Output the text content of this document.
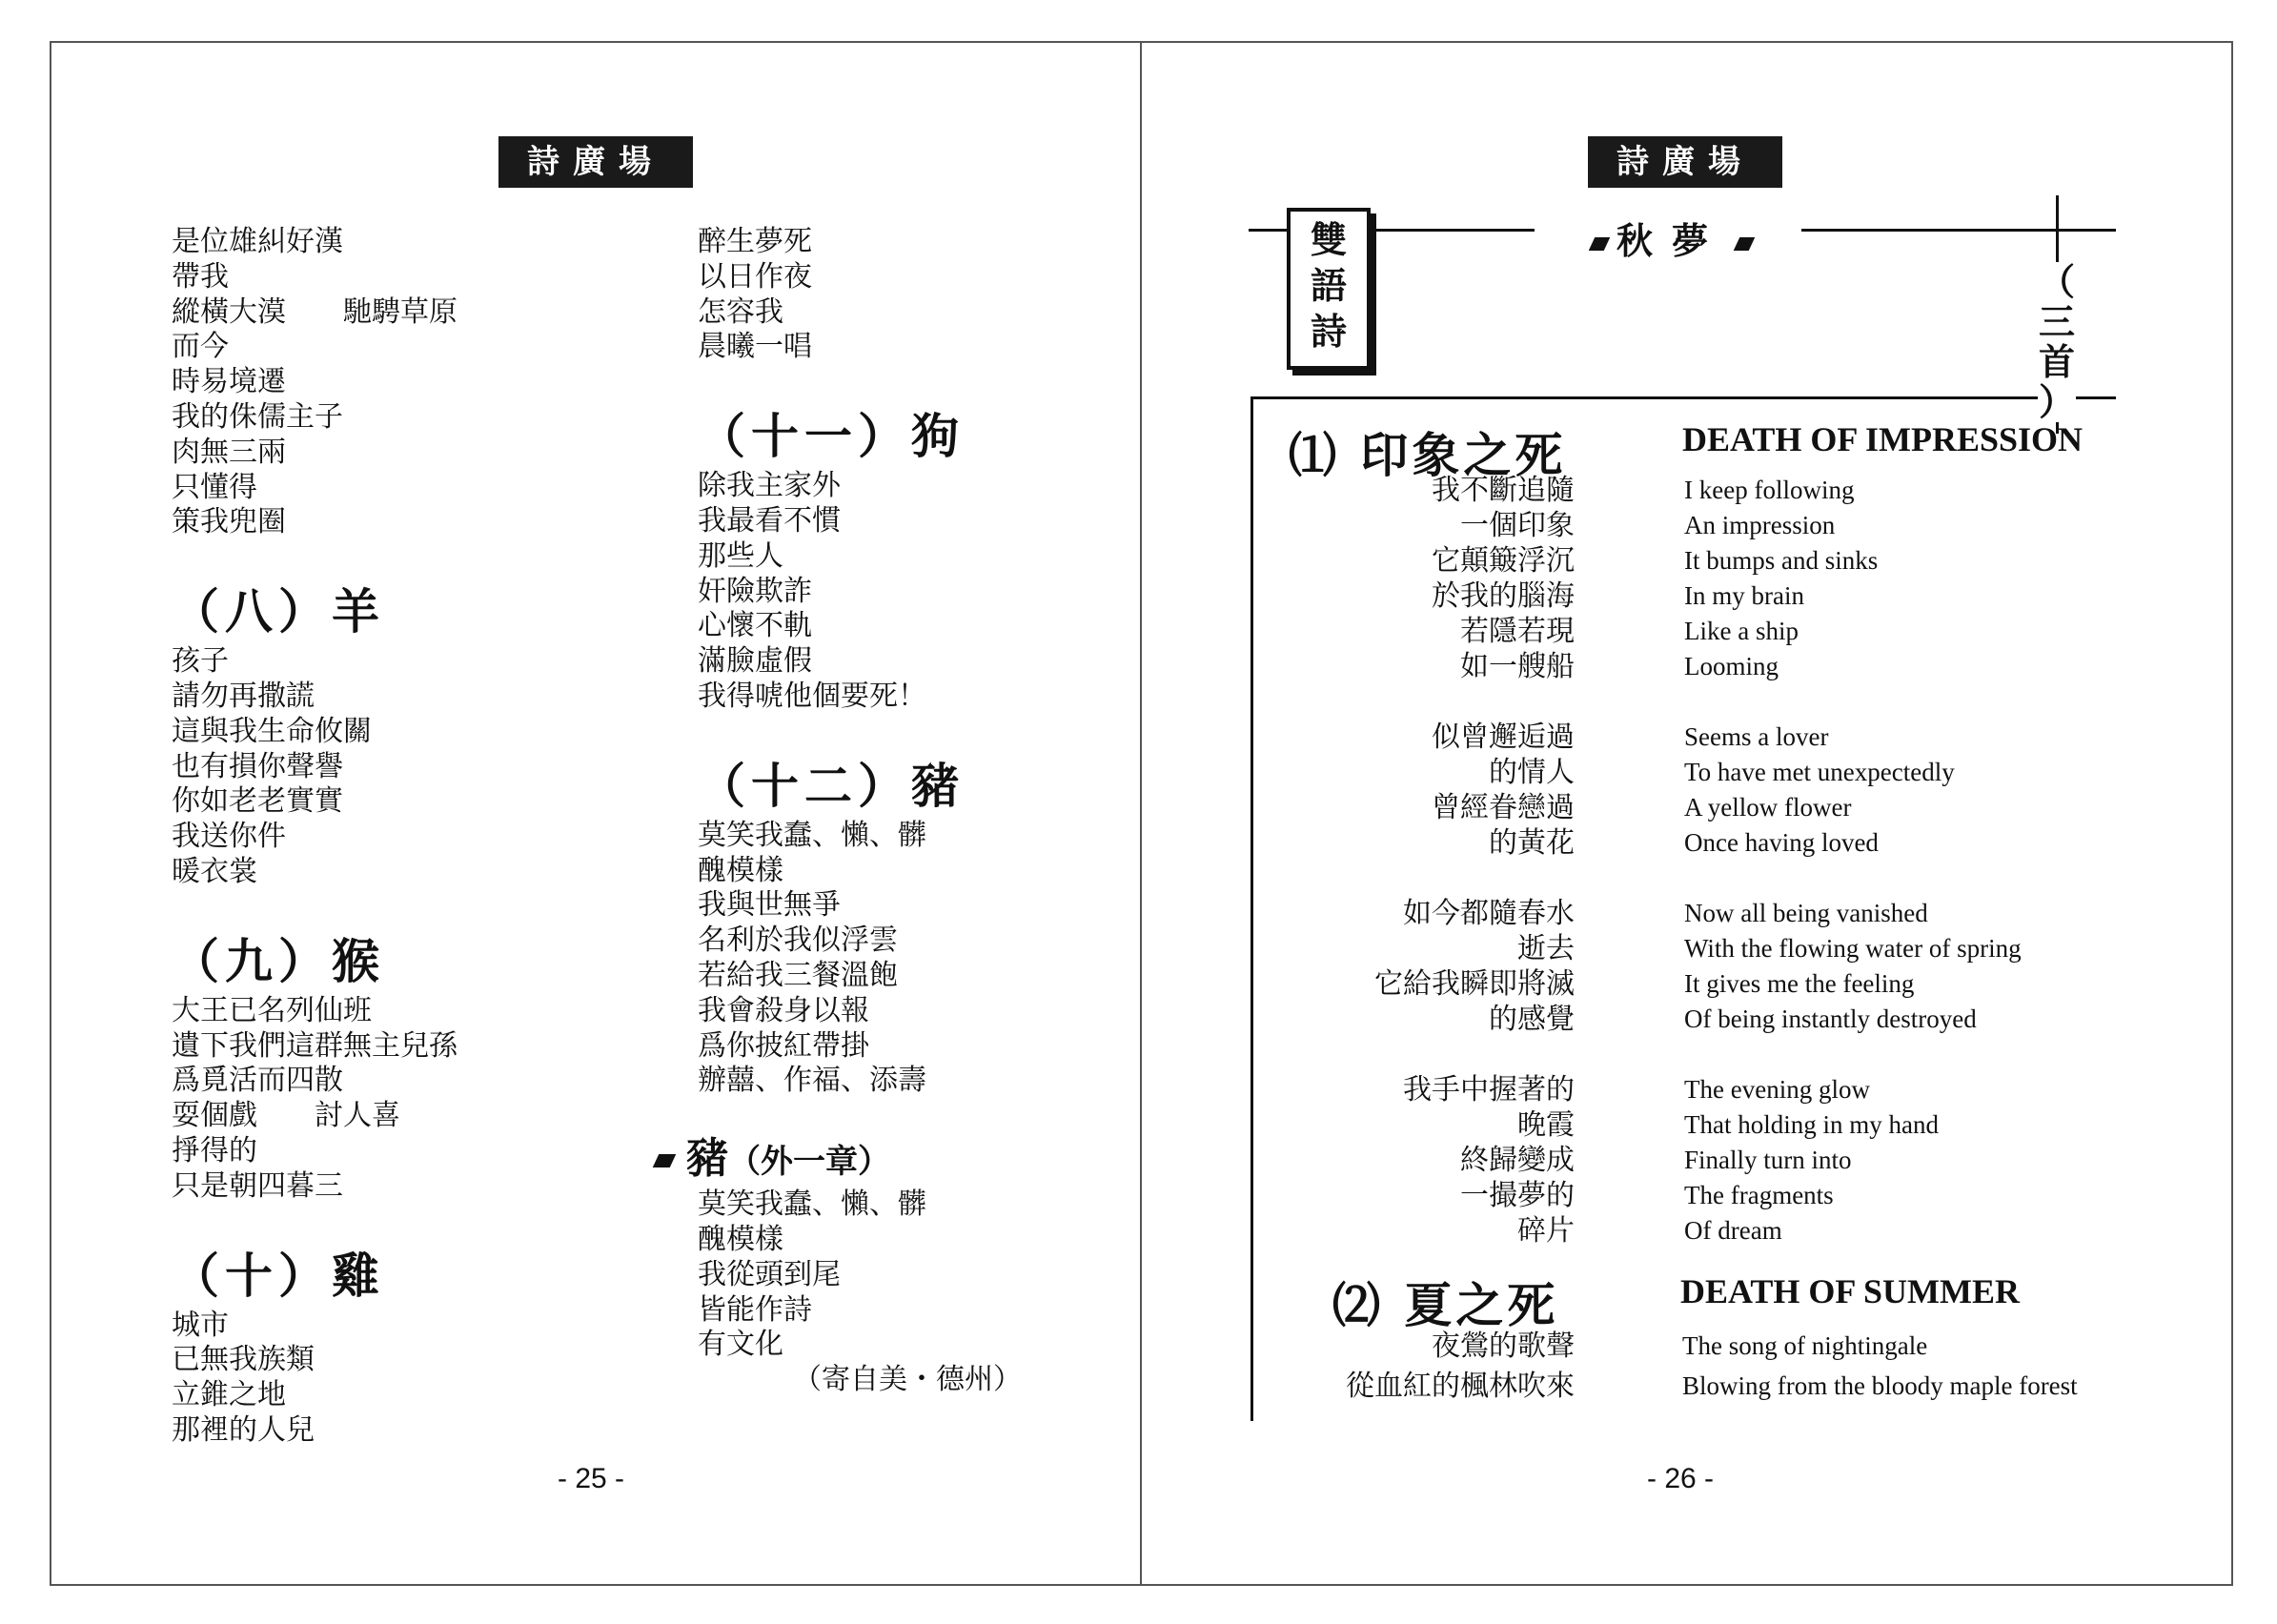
詩廣場
是位雄糾好漢
帶我
縱橫大漠　　馳騁草原
而今
時易境遷
我的侏儒主子
肉無三兩
只懂得
策我兜圈
（八）羊
孩子
請勿再撒謊
這與我生命攸關
也有損你聲譽
你如老老實實
我送你件
暖衣裳
（九）猴
大王已名列仙班
遺下我們這群無主兒孫
爲覓活而四散
耍個戲　　討人喜
掙得的
只是朝四暮三
（十）雞
城市
已無我族類
立錐之地
那裡的人兒
醉生夢死
以日作夜
怎容我
晨曦一唱
（十一）狗
除我主家外
我最看不慣
那些人
奸險欺詐
心懷不軌
滿臉虛假
我得唬他個要死！
（十二）豬
莫笑我蠢、懶、髒
醜模樣
我與世無爭
名利於我似浮雲
若給我三餐溫飽
我會殺身以報
爲你披紅帶掛
辦囍、作福、添壽
豬（外一章）
莫笑我蠢、懶、髒
醜模樣
我從頭到尾
皆能作詩
有文化
（寄自美・德州）
- 25 -
詩廣場
雙
語
詩
秋夢
（
三
首
）
⑴ 印象之死	DEATH OF IMPRESSION
我不斷追隨
一個印象
它顛簸浮沉
於我的腦海
若隱若現
如一艘船
似曾邂逅過
的情人
曾經眷戀過
的黃花
如今都隨春水
逝去
它給我瞬即將滅
的感覺
我手中握著的
晚霞
終歸變成
一撮夢的
碎片
I keep following
An impression
It bumps and sinks
In my brain
Like a ship
Looming
Seems a lover
To have met unexpectedly
A yellow flower
Once having loved
Now all being vanished
With the flowing water of spring
It gives me the feeling
Of being instantly destroyed
The evening glow
That holding in my hand
Finally turn into
The fragments
Of dream
⑵ 夏之死	DEATH OF SUMMER
夜鶯的歌聲
從血紅的楓林吹來
The song of nightingale
Blowing from the bloody maple forest
- 26 -
